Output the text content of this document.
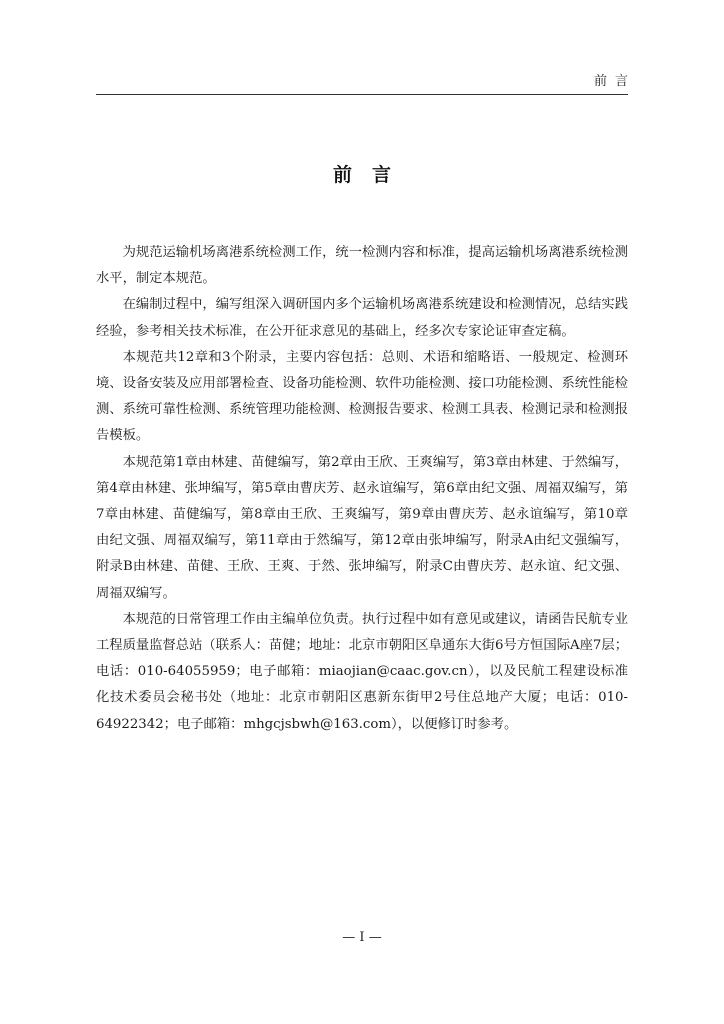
前言
前言

为规范运输机场离港系统检测工作，统一检测内容和标准，提高运输机场离港系统检测水平，制定本规范。

在编制过程中，编写组深入调研国内多个运输机场离港系统建设和检测情况，总结实践经验，参考相关技术标准，在公开征求意见的基础上，经多次专家论证审查定稿。

本规范共12章和3个附录，主要内容包括：总则、术语和缩略语、一般规定、检测环境、设备安装及应用部署检查、设备功能检测、软件功能检测、接口功能检测、系统性能检测、系统可靠性检测、系统管理功能检测、检测报告要求、检测工具表、检测记录和检测报告模板。

本规范第1章由林建、苗健编写，第2章由王欣、王爽编写，第3章由林建、于然编写，第4章由林建、张坤编写，第5章由曹庆芳、赵永谊编写，第6章由纪文强、周福双编写，第7章由林建、苗健编写，第8章由王欣、王爽编写，第9章由曹庆芳、赵永谊编写，第10章由纪文强、周福双编写，第11章由于然编写，第12章由张坤编写，附录A由纪文强编写，附录B由林建、苗健、王欣、王爽、于然、张坤编写，附录C由曹庆芳、赵永谊、纪文强、周福双编写。

本规范的日常管理工作由主编单位负责。执行过程中如有意见或建议，请函告民航专业工程质量监督总站（联系人：苗健；地址：北京市朝阳区阜通东大街6号方恒国际A座7层；电话：010-64055959；电子邮箱：miaojian@caac.gov.cn），以及民航工程建设标准化技术委员会秘书处（地址：北京市朝阳区惠新东街甲2号住总地产大厦；电话：010-64922342；电子邮箱：mhgcjsbwh@163.com），以便修订时参考。

— I —
